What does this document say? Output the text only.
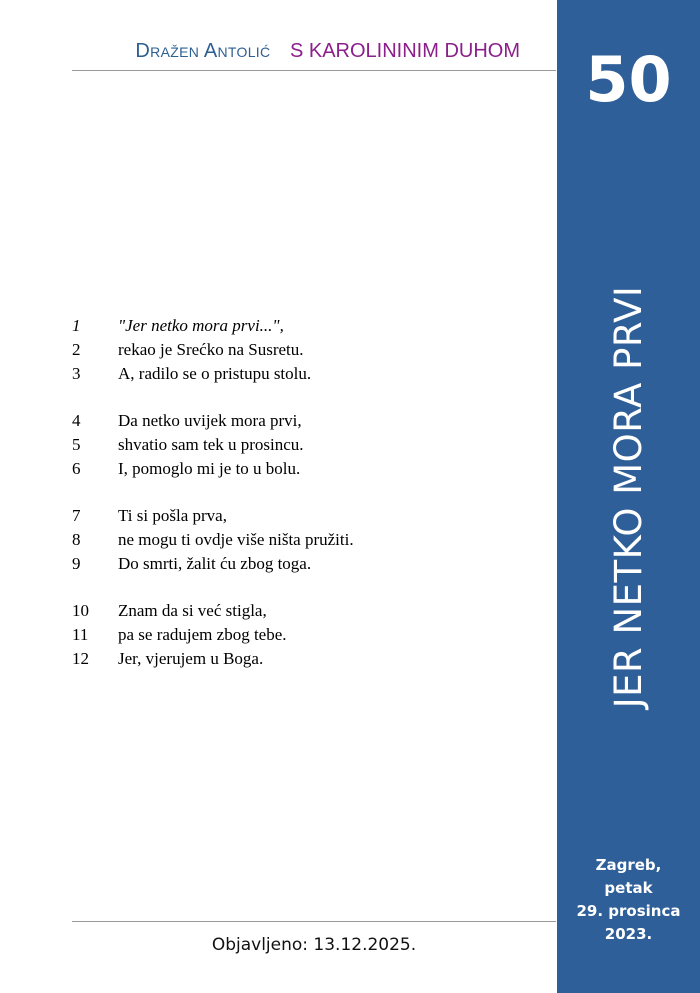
Dražen Antolić S KAROLININIM DUHOM
1	"Jer netko mora prvi...",
2	rekao je Srećko na Susretu.
3	A, radilo se o pristupu stolu.
4	Da netko uvijek mora prvi,
5	shvatio sam tek u prosincu.
6	I, pomoglo mi je to u bolu.
7	Ti si pošla prva,
8	ne mogu ti ovdje više ništa pružiti.
9	Do smrti, žalit ću zbog toga.
10	Znam da si već stigla,
11	pa se radujem zbog tebe.
12	Jer, vjerujem u Boga.
Objavljeno: 13.12.2025.
50
JER NETKO MORA PRVI
Zagreb,
petak
29. prosinca
2023.
